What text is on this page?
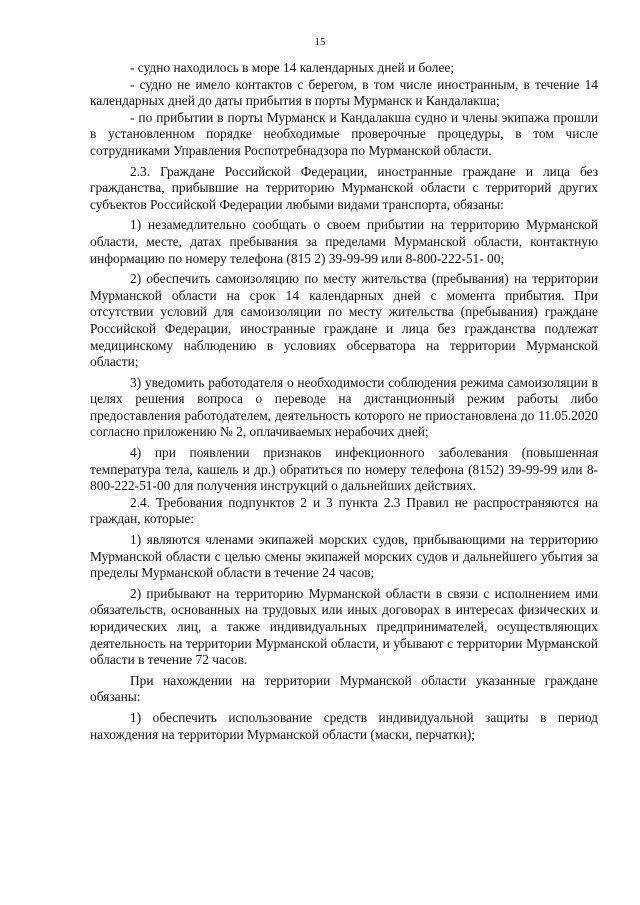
15

- судно находилось в море 14 календарных дней и более;

- судно не имело контактов с берегом, в том числе иностранным, в течение 14 календарных дней до даты прибытия в порты Мурманск и Кандалакша;

- по прибытии в порты Мурманск и Кандалакша судно и члены экипажа прошли в установленном порядке необходимые проверочные процедуры, в том числе сотрудниками Управления Роспотребнадзора по Мурманской области.

2.3. Граждане Российской Федерации, иностранные граждане и лица без гражданства, прибывшие на территорию Мурманской области с территорий других субъектов Российской Федерации любыми видами транспорта, обязаны:

1) незамедлительно сообщать о своем прибытии на территорию Мурманской области, месте, датах пребывания за пределами Мурманской области, контактную информацию по номеру телефона (815 2) 39-99-99 или 8-800-222-51- 00;

2) обеспечить самоизоляцию по месту жительства (пребывания) на территории Мурманской области на срок 14 календарных дней с момента прибытия. При отсутствии условий для самоизоляции по месту жительства (пребывания) граждане Российской Федерации, иностранные граждане и лица без гражданства подлежат медицинскому наблюдению в условиях обсерватора на территории Мурманской области;

3) уведомить работодателя о необходимости соблюдения режима самоизоляции в целях решения вопроса о переводе на дистанционный режим работы либо предоставления работодателем, деятельность которого не приостановлена до 11.05.2020 согласно приложению № 2, оплачиваемых нерабочих дней;

4) при появлении признаков инфекционного заболевания (повышенная температура тела, кашель и др.) обратиться по номеру телефона (8152) 39-99-99 или 8-800-222-51-00 для получения инструкций о дальнейших действиях.

2.4. Требования подпунктов 2 и 3 пункта 2.3 Правил не распространяются на граждан, которые:

1) являются членами экипажей морских судов, прибывающими на территорию Мурманской области с целью смены экипажей морских судов и дальнейшего убытия за пределы Мурманской области в течение 24 часов;

2) прибывают на территорию Мурманской области в связи с исполнением ими обязательств, основанных на трудовых или иных договорах в интересах физических и юридических лиц, а также индивидуальных предпринимателей, осуществляющих деятельность на территории Мурманской области, и убывают с территории Мурманской области в течение 72 часов.

При нахождении на территории Мурманской области указанные граждане обязаны:

1) обеспечить использование средств индивидуальной защиты в период нахождения на территории Мурманской области (маски, перчатки);
